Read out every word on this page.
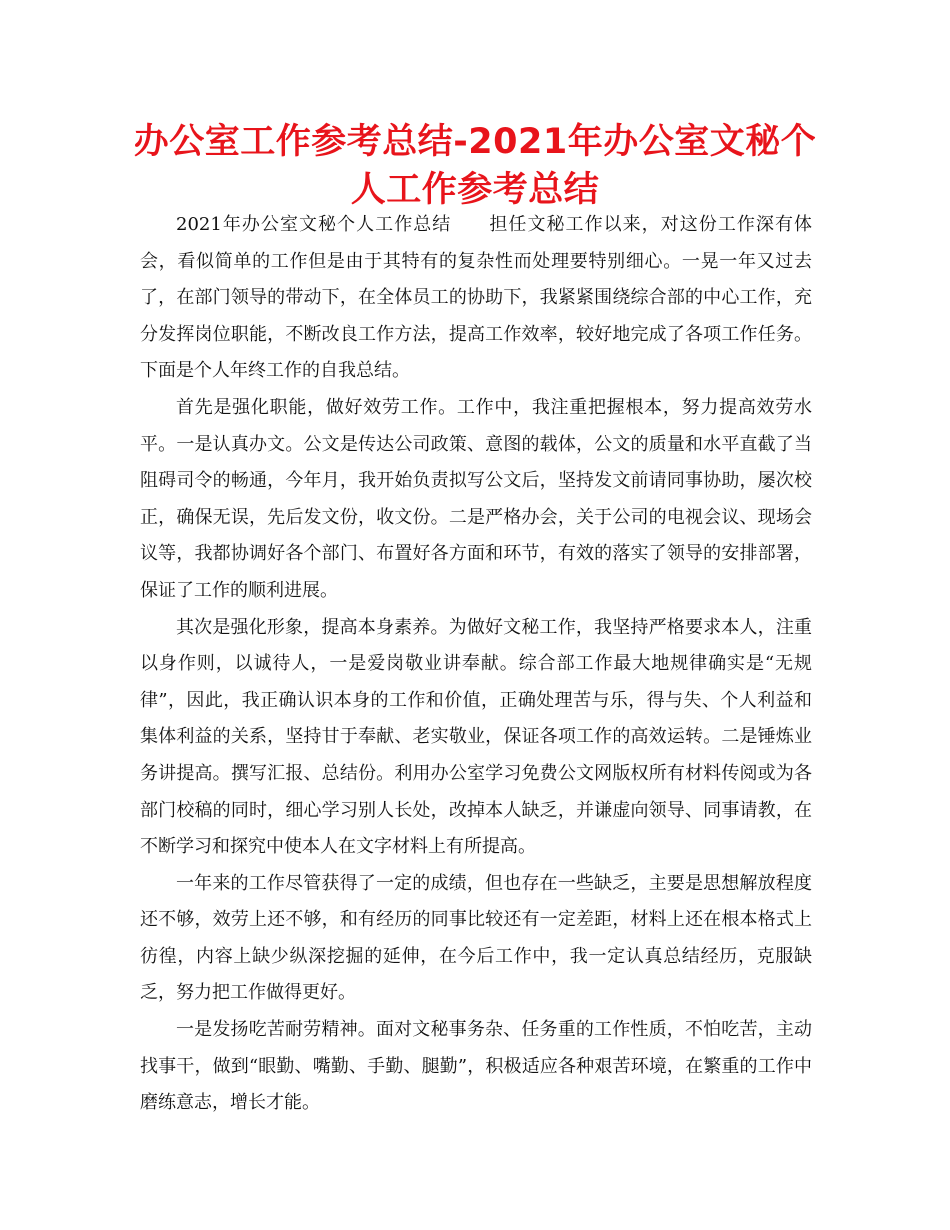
办公室工作参考总结-2021年办公室文秘个人工作参考总结

2021年办公室文秘个人工作总结　　担任文秘工作以来，对这份工作深有体会，看似简单的工作但是由于其特有的复杂性而处理要特别细心。一晃一年又过去了，在部门领导的带动下，在全体员工的协助下，我紧紧围绕综合部的中心工作，充分发挥岗位职能，不断改良工作方法，提高工作效率，较好地完成了各项工作任务。下面是个人年终工作的自我总结。

首先是强化职能，做好效劳工作。工作中，我注重把握根本，努力提高效劳水平。一是认真办文。公文是传达公司政策、意图的载体，公文的质量和水平直截了当阻碍司令的畅通，今年月，我开始负责拟写公文后，坚持发文前请同事协助，屡次校正，确保无误，先后发文份，收文份。二是严格办会，关于公司的电视会议、现场会议等，我都协调好各个部门、布置好各方面和环节，有效的落实了领导的安排部署，保证了工作的顺利进展。

其次是强化形象，提高本身素养。为做好文秘工作，我坚持严格要求本人，注重以身作则，以诚待人，一是爱岗敬业讲奉献。综合部工作最大地规律确实是“无规律”，因此，我正确认识本身的工作和价值，正确处理苦与乐，得与失、个人利益和集体利益的关系，坚持甘于奉献、老实敬业，保证各项工作的高效运转。二是锤炼业务讲提高。撰写汇报、总结份。利用办公室学习免费公文网版权所有材料传阅或为各部门校稿的同时，细心学习别人长处，改掉本人缺乏，并谦虚向领导、同事请教，在不断学习和探究中使本人在文字材料上有所提高。

一年来的工作尽管获得了一定的成绩，但也存在一些缺乏，主要是思想解放程度还不够，效劳上还不够，和有经历的同事比较还有一定差距，材料上还在根本格式上彷徨，内容上缺少纵深挖掘的延伸，在今后工作中，我一定认真总结经历，克服缺乏，努力把工作做得更好。

一是发扬吃苦耐劳精神。面对文秘事务杂、任务重的工作性质，不怕吃苦，主动找事干，做到“眼勤、嘴勤、手勤、腿勤”，积极适应各种艰苦环境，在繁重的工作中磨练意志，增长才能。
